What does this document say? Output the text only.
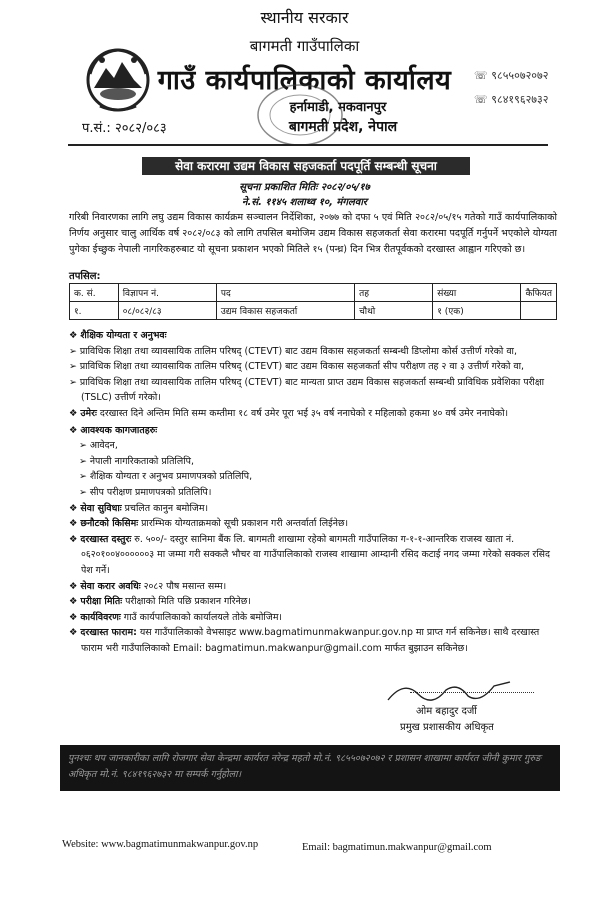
स्थानीय सरकार
बागमती गाउँपालिका
गाउँ कार्यपालिकाको कार्यालय
हर्नामाडी, मकवानपुर
बागमती प्रदेश, नेपाल
प.सं.: २०८२/०८३
☏ ९८५५०७२०७२
☏ ९८४१९६२७३२
सेवा करारमा उद्यम विकास सहजकर्ता पदपूर्ति सम्बन्धी सूचना
सूचना प्रकाशित मितिः २०८२/०५/१७
ने.सं. ११४५ शलाथ्व १०, मंगलवार
गरिबी निवारणका लागि लघु उद्यम विकास कार्यक्रम सञ्चालन निर्देशिका, २०७७ को दफा ५ एवं मिति २०८२/०५/१५ गतेको गाउँ कार्यपालिकाको निर्णय अनुसार चालु आर्थिक वर्ष २०८२/०८३ को लागि तपसिल बमोजिम उद्यम विकास सहजकर्ता सेवा करारमा पदपूर्ति गर्नुपर्ने भएकोले योग्यता पुगेका ईच्छुक नेपाली नागरिकहरुबाट यो सूचना प्रकाशन भएको मितिले १५ (पन्ध्र) दिन भित्र रीतपूर्वकको दरखास्त आह्वान गरिएको छ।
तपसिल:
क. सं.	विज्ञापन नं.	पद	तह	संख्या	कैफियत
१.	०८/०८२/८३	उद्यम विकास सहजकर्ता	चौथो	१ (एक)	
❖ शैक्षिक योग्यता र अनुभवः
➢ प्राविधिक शिक्षा तथा व्यावसायिक तालिम परिषद् (CTEVT) बाट उद्यम विकास सहजकर्ता सम्बन्धी डिप्लोमा कोर्स उत्तीर्ण गरेको वा,
➢ प्राविधिक शिक्षा तथा व्यावसायिक तालिम परिषद् (CTEVT) बाट उद्यम विकास सहजकर्ता सीप परीक्षण तह २ वा ३ उत्तीर्ण गरेको वा,
➢ प्राविधिक शिक्षा तथा व्यावसायिक तालिम परिषद् (CTEVT) बाट मान्यता प्राप्त उद्यम विकास सहजकर्ता सम्बन्धी प्राविधिक प्रवेशिका परीक्षा (TSLC) उत्तीर्ण गरेको।
❖ उमेरः दरखास्त दिने अन्तिम मिति सम्म कम्तीमा १८ वर्ष उमेर पूरा भई ३५ वर्ष ननाघेको र महिलाको हकमा ४० वर्ष उमेर ननाघेको।
❖ आवश्यक कागजातहरुः
➢ आवेदन,
➢ नेपाली नागरिकताको प्रतिलिपि,
➢ शैक्षिक योग्यता र अनुभव प्रमाणपत्रको प्रतिलिपि,
➢ सीप परीक्षण प्रमाणपत्रको प्रतिलिपि।
❖ सेवा सुविधाः प्रचलित कानुन बमोजिम।
❖ छनौटको किसिमः प्रारम्भिक योग्यताक्रमको सूची प्रकाशन गरी अन्तर्वार्ता लिईनेछ।
❖ दरखास्त दस्तुरः रु. ५००/- दस्तुर सानिमा बैंक लि. बागमती शाखामा रहेको बागमती गाउँपालिका ग-१-१-आन्तरिक राजस्व खाता नं. ०६२०१००४००००००३ मा जम्मा गरी सक्कलै भौचर वा गाउँपालिकाको राजस्व शाखामा आम्दानी रसिद कटाई नगद जम्मा गरेको सक्कल रसिद पेश गर्ने।
❖ सेवा करार अवधिः २०८२ पौष मसान्त सम्म।
❖ परीक्षा मितिः परीक्षाको मिति पछि प्रकाशन गरिनेछ।
❖ कार्यविवरणः गाउँ कार्यपालिकाको कार्यालयले तोके बमोजिम।
❖ दरखास्त फाराम: यस गाउँपालिकाको वेभसाइट www.bagmatimunmakwanpur.gov.np मा प्राप्त गर्न सकिनेछ। साथै दरखास्त फाराम भरी गाउँपालिकाको Email: bagmatimun.makwanpur@gmail.com मार्फत बुझाउन सकिनेछ।
ओम बहादुर दर्जी
प्रमुख प्रशासकीय अधिकृत
पुनश्चः थप जानकारीका लागि रोजगार सेवा केन्द्रमा कार्यरत नरेन्द्र महतो मो.नं. ९८५५०७२०७२ र प्रशासन शाखामा कार्यरत जीनी कुमार गुरुङ अधिकृत मो.नं. ९८४१९६२७३२ मा सम्पर्क गर्नुहोला।
Website: www.bagmatimunmakwanpur.gov.np	Email: bagmatimun.makwanpur@gmail.com
